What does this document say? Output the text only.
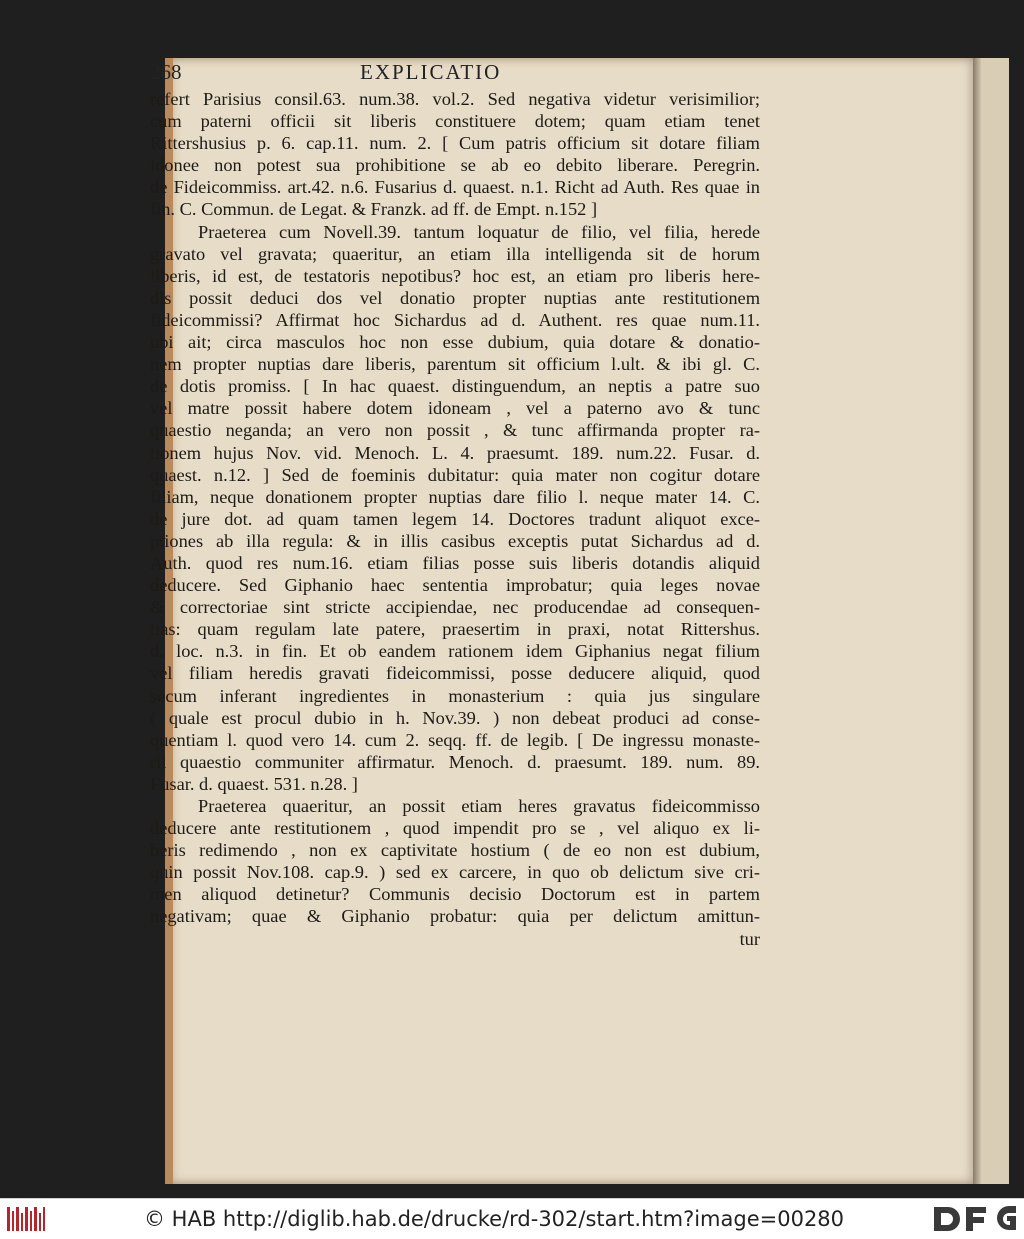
268	EXPLICATIO
refert Parisius consil.63. num.38. vol.2. Sed negativa videtur verisimilior;
cum paterni officii sit liberis constituere dotem; quam etiam tenet
Rittershusius p. 6. cap.11. num. 2. [ Cum patris officium sit dotare filiam
idonee non potest sua prohibitione se ab eo debito liberare. Peregrin.
de Fideicommiss. art.42. n.6. Fusarius d. quaest. n.1. Richt ad Auth. Res quae in
fin. C. Commun. de Legat. & Franzk. ad ff. de Empt. n.152 ]
Praeterea cum Novell.39. tantum loquatur de filio, vel filia, herede
gravato vel gravata; quaeritur, an etiam illa intelligenda sit de horum
liberis, id est, de testatoris nepotibus? hoc est, an etiam pro liberis here-
dis possit deduci dos vel donatio propter nuptias ante restitutionem
fideicommissi? Affirmat hoc Sichardus ad d. Authent. res quae num.11.
ubi ait; circa masculos hoc non esse dubium, quia dotare & donatio-
nem propter nuptias dare liberis, parentum sit officium l.ult. & ibi gl. C.
de dotis promiss. [ In hac quaest. distinguendum, an neptis a patre suo
vel matre possit habere dotem idoneam , vel a paterno avo & tunc
quaestio neganda; an vero non possit , & tunc affirmanda propter ra-
tionem hujus Nov. vid. Menoch. L. 4. praesumt. 189. num.22. Fusar. d.
quaest. n.12. ] Sed de foeminis dubitatur: quia mater non cogitur dotare
filiam, neque donationem propter nuptias dare filio l. neque mater 14. C.
de jure dot. ad quam tamen legem 14. Doctores tradunt aliquot exce-
ptiones ab illa regula: & in illis casibus exceptis putat Sichardus ad d.
Auth. quod res num.16. etiam filias posse suis liberis dotandis aliquid
deducere. Sed Giphanio haec sententia improbatur; quia leges novae
& correctoriae sint stricte accipiendae, nec producendae ad consequen-
tias: quam regulam late patere, praesertim in praxi, notat Rittershus.
d. loc. n.3. in fin. Et ob eandem rationem idem Giphanius negat filium
vel filiam heredis gravati fideicommissi, posse deducere aliquid, quod
secum inferant ingredientes in monasterium : quia jus singulare
( quale est procul dubio in h. Nov.39. ) non debeat produci ad conse-
quentiam l. quod vero 14. cum 2. seqq. ff. de legib. [ De ingressu monaste-
rii quaestio communiter affirmatur. Menoch. d. praesumt. 189. num. 89.
Fusar. d. quaest. 531. n.28. ]
Praeterea quaeritur, an possit etiam heres gravatus fideicommisso
deducere ante restitutionem , quod impendit pro se , vel aliquo ex li-
beris redimendo , non ex captivitate hostium ( de eo non est dubium,
quin possit Nov.108. cap.9. ) sed ex carcere, in quo ob delictum sive cri-
men aliquod detinetur? Communis decisio Doctorum est in partem
negativam; quae & Giphanio probatur: quia per delictum amittun-
tur
© HAB http://diglib.hab.de/drucke/rd-302/start.htm?image=00280
